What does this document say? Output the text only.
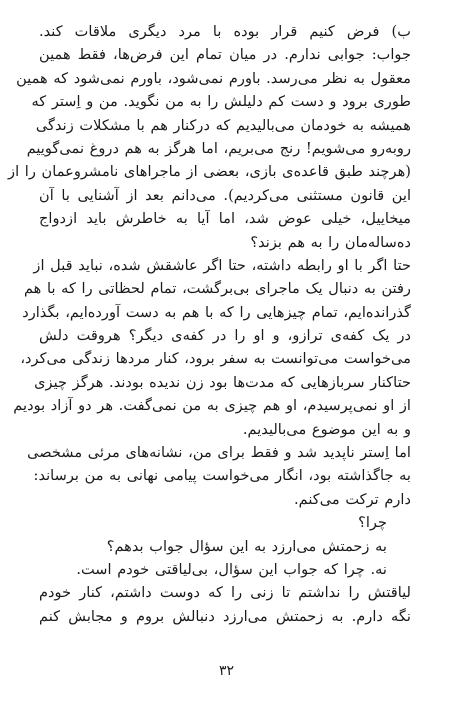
ب) فرض کنیم قرار بوده با مرد دیگری ملاقات کند.
جواب: جوابی ندارم. در میان تمام این فرض‌ها، فقط همین
معقول به نظر می‌رسد. باورم نمی‌شود، باورم نمی‌شود که همین
طوری برود و دست کم دلیلش را به من نگوید. من و اِستر که
همیشه به خودمان می‌بالیدیم که درکنار هم با مشکلات زندگی
روبه‌رو می‌شویم! رنج می‌بریم، اما هرگز به هم دروغ نمی‌گوییم
(هرچند طبق قاعده‌ی بازی، بعضی از ماجراهای نامشروعمان را از
این قانون مستثنی می‌کردیم). می‌دانم بعد از آشنایی با آن
میخاییل، خیلی عوض شد، اما آیا به خاطرش باید ازدواج
ده‌ساله‌مان را به هم بزند؟
حتا اگر با او رابطه داشته، حتا اگر عاشقش شده، نباید قبل از
رفتن به دنبال یک ماجرای بی‌برگشت، تمام لحظاتی را که با هم
گذرانده‌ایم، تمام چیزهایی را که با هم به دست آورده‌ایم، بگذارد
در یک کفه‌ی ترازو، و او را در کفه‌ی دیگر؟ هروقت دلش
می‌خواست می‌توانست به سفر برود، کنار مردها زندگی می‌کرد،
حتاکنار سربازهایی که مدت‌ها بود زن ندیده بودند. هرگز چیزی
از او نمی‌پرسیدم، او هم چیزی به من نمی‌گفت. هر دو آزاد بودیم
و به این موضوع می‌بالیدیم.
اما اِستر ناپدید شد و فقط برای من، نشانه‌های مرئی مشخصی
به جاگذاشته بود، انگار می‌خواست پیامی نهانی به من برساند:
دارم ترکت می‌کنم.
چرا؟
به زحمتش می‌ارزد به این سؤال جواب بدهم؟
نه. چرا که جواب این سؤال، بی‌لیاقتی خودم است.
لیاقتش را نداشتم تا زنی را که دوست داشتم، کنار خودم
نگه دارم. به زحمتش می‌ارزد دنبالش بروم و مجابش کنم
۳۲
